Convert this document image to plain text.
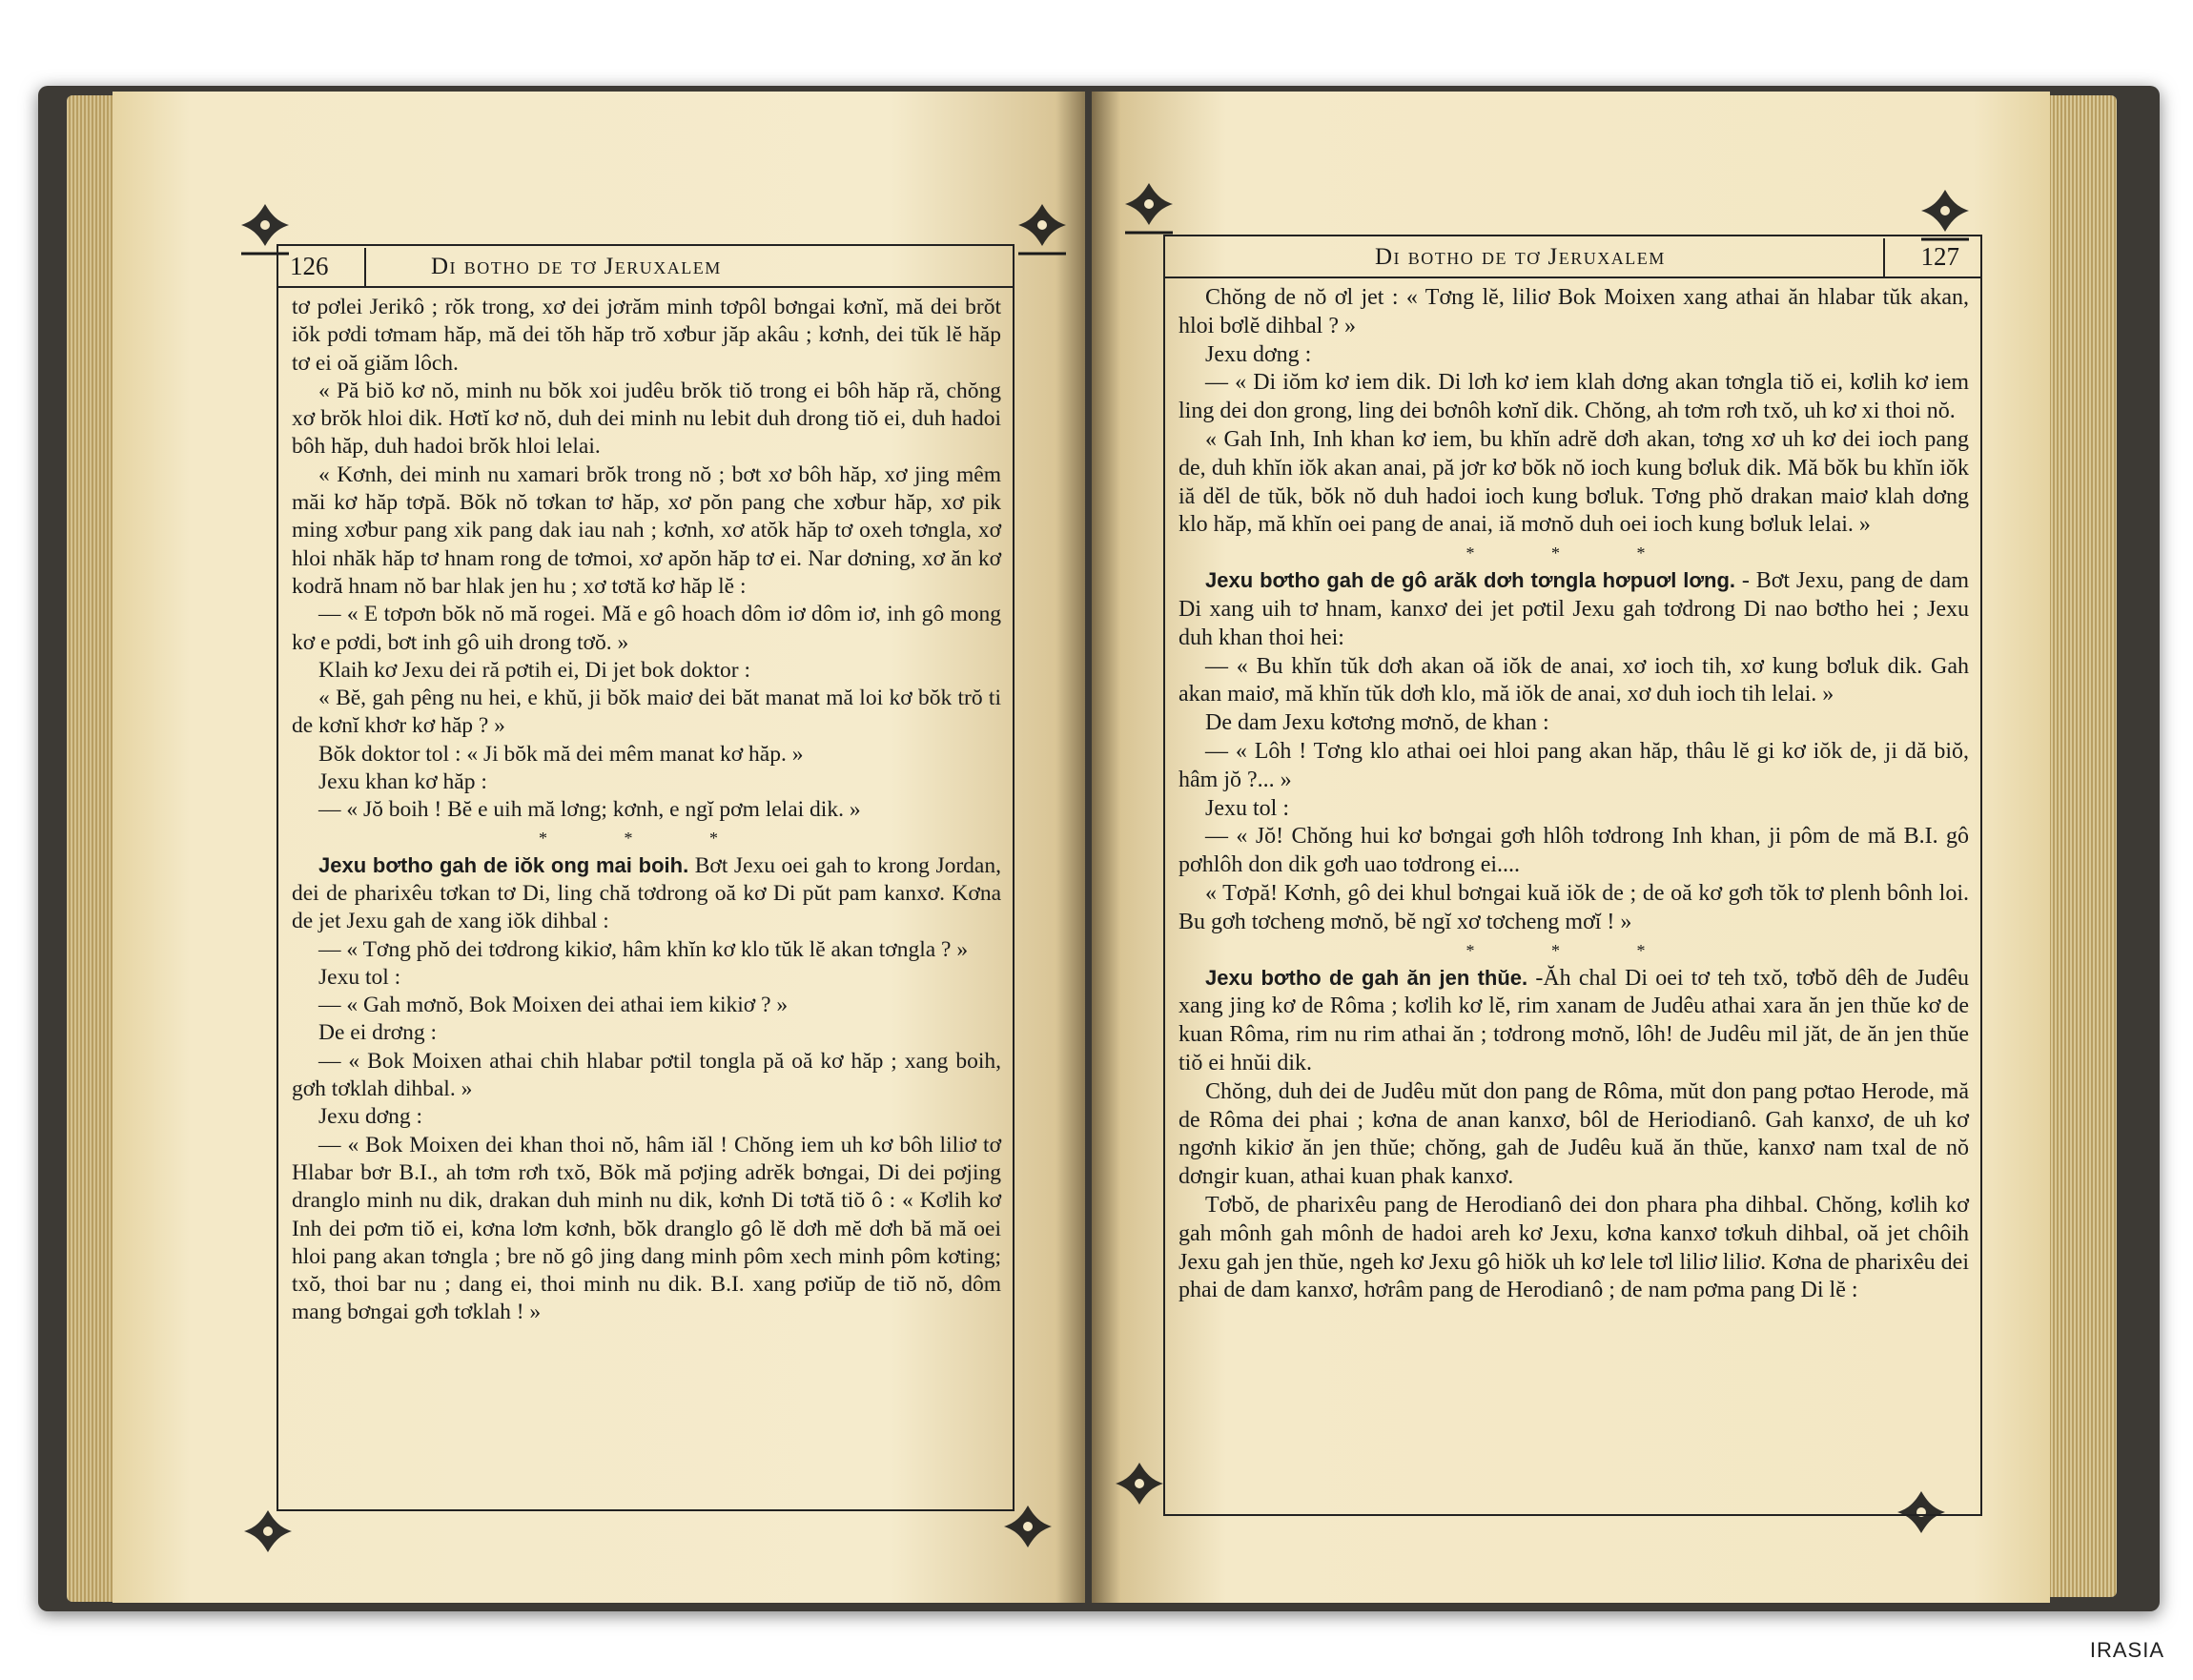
126	Di botho de tơ Jeruxalem

tơ pơlei Jerikô ; rŏk trong, xơ dei jơrăm minh tơpôl bơngai kơnĭ, mă dei brŏt iŏk pơdi tơmam hăp, mă dei tŏh hăp trŏ xơbur jăp akâu ; kơnh, dei tŭk lĕ hăp tơ ei oă giăm lôch.

« Pă biŏ kơ nŏ, minh nu bŏk xoi judêu brŏk tiŏ trong ei bôh hăp ră, chŏng xơ brŏk hloi dik. Hơtĭ kơ nŏ, duh dei minh nu lebit duh drong tiŏ ei, duh hadoi bôh hăp, duh hadoi brŏk hloi lelai.

« Kơnh, dei minh nu xamari brŏk trong nŏ ; bơt xơ bôh hăp, xơ jing mêm măi kơ hăp tơpă. Bŏk nŏ tơkan tơ hăp, xơ pŏn pang che xơbur hăp, xơ pik ming xơbur pang xik pang dak iau nah ; kơnh, xơ atŏk hăp tơ oxeh tơngla, xơ hloi nhăk hăp tơ hnam rong de tơmoi, xơ apŏn hăp tơ ei. Nar dơning, xơ ăn kơ kodră hnam nŏ bar hlak jen hu ; xơ tơtă kơ hăp lĕ :

— « E tơpơn bŏk nŏ mă rogei. Mă e gô hoach dôm iơ dôm iơ, inh gô mong kơ e pơdi, bơt inh gô uih drong tơŏ. »

Klaih kơ Jexu dei ră pơtih ei, Di jet bok doktor :

« Bĕ, gah pêng nu hei, e khŭ, ji bŏk maiơ dei băt manat mă loi kơ bŏk trŏ ti de kơnĭ khơr kơ hăp ? »

Bŏk doktor tol : « Ji bŏk mă dei mêm manat kơ hăp. »

Jexu khan kơ hăp :

— « Jŏ boih ! Bĕ e uih mă lơng; kơnh, e ngĭ pơm lelai dik. »

* * *

Jexu bơtho gah de iŏk ong mai boih. Bơt Jexu oei gah to krong Jordan, dei de pharixêu tơkan tơ Di, ling chă tơdrong oă kơ Di pŭt pam kanxơ. Kơna de jet Jexu gah de xang iŏk dihbal :

— « Tơng phŏ dei tơdrong kikiơ, hâm khĭn kơ klo tŭk lĕ akan tơngla ? »

Jexu tol :

— « Gah mơnŏ, Bok Moixen dei athai iem kikiơ ? »

De ei drơng :

— « Bok Moixen athai chih hlabar pơtil tongla pă oă kơ hăp ; xang boih, gơh tơklah dihbal. »

Jexu dơng :

— « Bok Moixen dei khan thoi nŏ, hâm iăl ! Chŏng iem uh kơ bôh liliơ tơ Hlabar bơr B.I., ah tơm rơh txŏ, Bŏk mă pơjing adrĕk bơngai, Di dei pơjing dranglo minh nu dik, drakan duh minh nu dik, kơnh Di tơtă tiŏ ô : « Kơlih kơ Inh dei pơm tiŏ ei, kơna lơm kơnh, bŏk dranglo gô lĕ dơh mĕ dơh bă mă oei hloi pang akan tơngla ; bre nŏ gô jing dang minh pôm xech minh pôm kơting; txŏ, thoi bar nu ; dang ei, thoi minh nu dik. B.I. xang pơiŭp de tiŏ nŏ, dôm mang bơngai gơh tơklah ! »

Di botho de tơ Jeruxalem	127

Chŏng de nŏ ơl jet : « Tơng lĕ, liliơ Bok Moixen xang athai ăn hlabar tŭk akan, hloi bơlĕ dihbal ? »

Jexu dơng :

— « Di iŏm kơ iem dik. Di lơh kơ iem klah dơng akan tơngla tiŏ ei, kơlih kơ iem ling dei don grong, ling dei bơnôh kơnĭ dik. Chŏng, ah tơm rơh txŏ, uh kơ xi thoi nŏ.

« Gah Inh, Inh khan kơ iem, bu khĭn adrĕ dơh akan, tơng xơ uh kơ dei ioch pang de, duh khĭn iŏk akan anai, pă jơr kơ bŏk nŏ ioch kung bơluk dik. Mă bŏk bu khĭn iŏk iă dĕl de tŭk, bŏk nŏ duh hadoi ioch kung bơluk. Tơng phŏ drakan maiơ klah dơng klo hăp, mă khĭn oei pang de anai, iă mơnŏ duh oei ioch kung bơluk lelai. »

* * *

Jexu bơtho gah de gô arăk dơh tơngla hơpuơl lơng. - Bơt Jexu, pang de dam Di xang uih tơ hnam, kanxơ dei jet pơtil Jexu gah tơdrong Di nao bơtho hei ; Jexu duh khan thoi hei:

— « Bu khĭn tŭk dơh akan oă iŏk de anai, xơ ioch tih, xơ kung bơluk dik. Gah akan maiơ, mă khĭn tŭk dơh klo, mă iŏk de anai, xơ duh ioch tih lelai. »

De dam Jexu kơtơng mơnŏ, de khan :

— « Lôh ! Tơng klo athai oei hloi pang akan hăp, thâu lĕ gi kơ iŏk de, ji dă biŏ, hâm jŏ ?... »

Jexu tol :

— « Jŏ! Chŏng hui kơ bơngai gơh hlôh tơdrong Inh khan, ji pôm de mă B.I. gô pơhlôh don dik gơh uao tơdrong ei....

« Tơpă! Kơnh, gô dei khul bơngai kuă iŏk de ; de oă kơ gơh tŏk tơ plenh bônh loi. Bu gơh tơcheng mơnŏ, bĕ ngĭ xơ tơcheng mơĭ ! »

* * *

Jexu bơtho de gah ăn jen thŭe. -Ăh chal Di oei tơ teh txŏ, tơbŏ dêh de Judêu xang jing kơ de Rôma ; kơlih kơ lĕ, rim xanam de Judêu athai xara ăn jen thŭe kơ de kuan Rôma, rim nu rim athai ăn ; tơdrong mơnŏ, lôh! de Judêu mil jăt, de ăn jen thŭe tiŏ ei hnŭi dik.

Chŏng, duh dei de Judêu mŭt don pang de Rôma, mŭt don pang pơtao Herode, mă de Rôma dei phai ; kơna de anan kanxơ, bôl de Heriodianô. Gah kanxơ, de uh kơ ngơnh kikiơ ăn jen thŭe; chŏng, gah de Judêu kuă ăn thŭe, kanxơ nam txal de nŏ dơngir kuan, athai kuan phak kanxơ.

Tơbŏ, de pharixêu pang de Herodianô dei don phara pha dihbal. Chŏng, kơlih kơ gah mônh gah mônh de hadoi areh kơ Jexu, kơna kanxơ tơkuh dihbal, oă jet chôih Jexu gah jen thŭe, ngeh kơ Jexu gô hiŏk uh kơ lele tơl liliơ liliơ. Kơna de pharixêu dei phai de dam kanxơ, hơrâm pang de Herodianô ; de nam pơma pang Di lĕ :

IRASIA
